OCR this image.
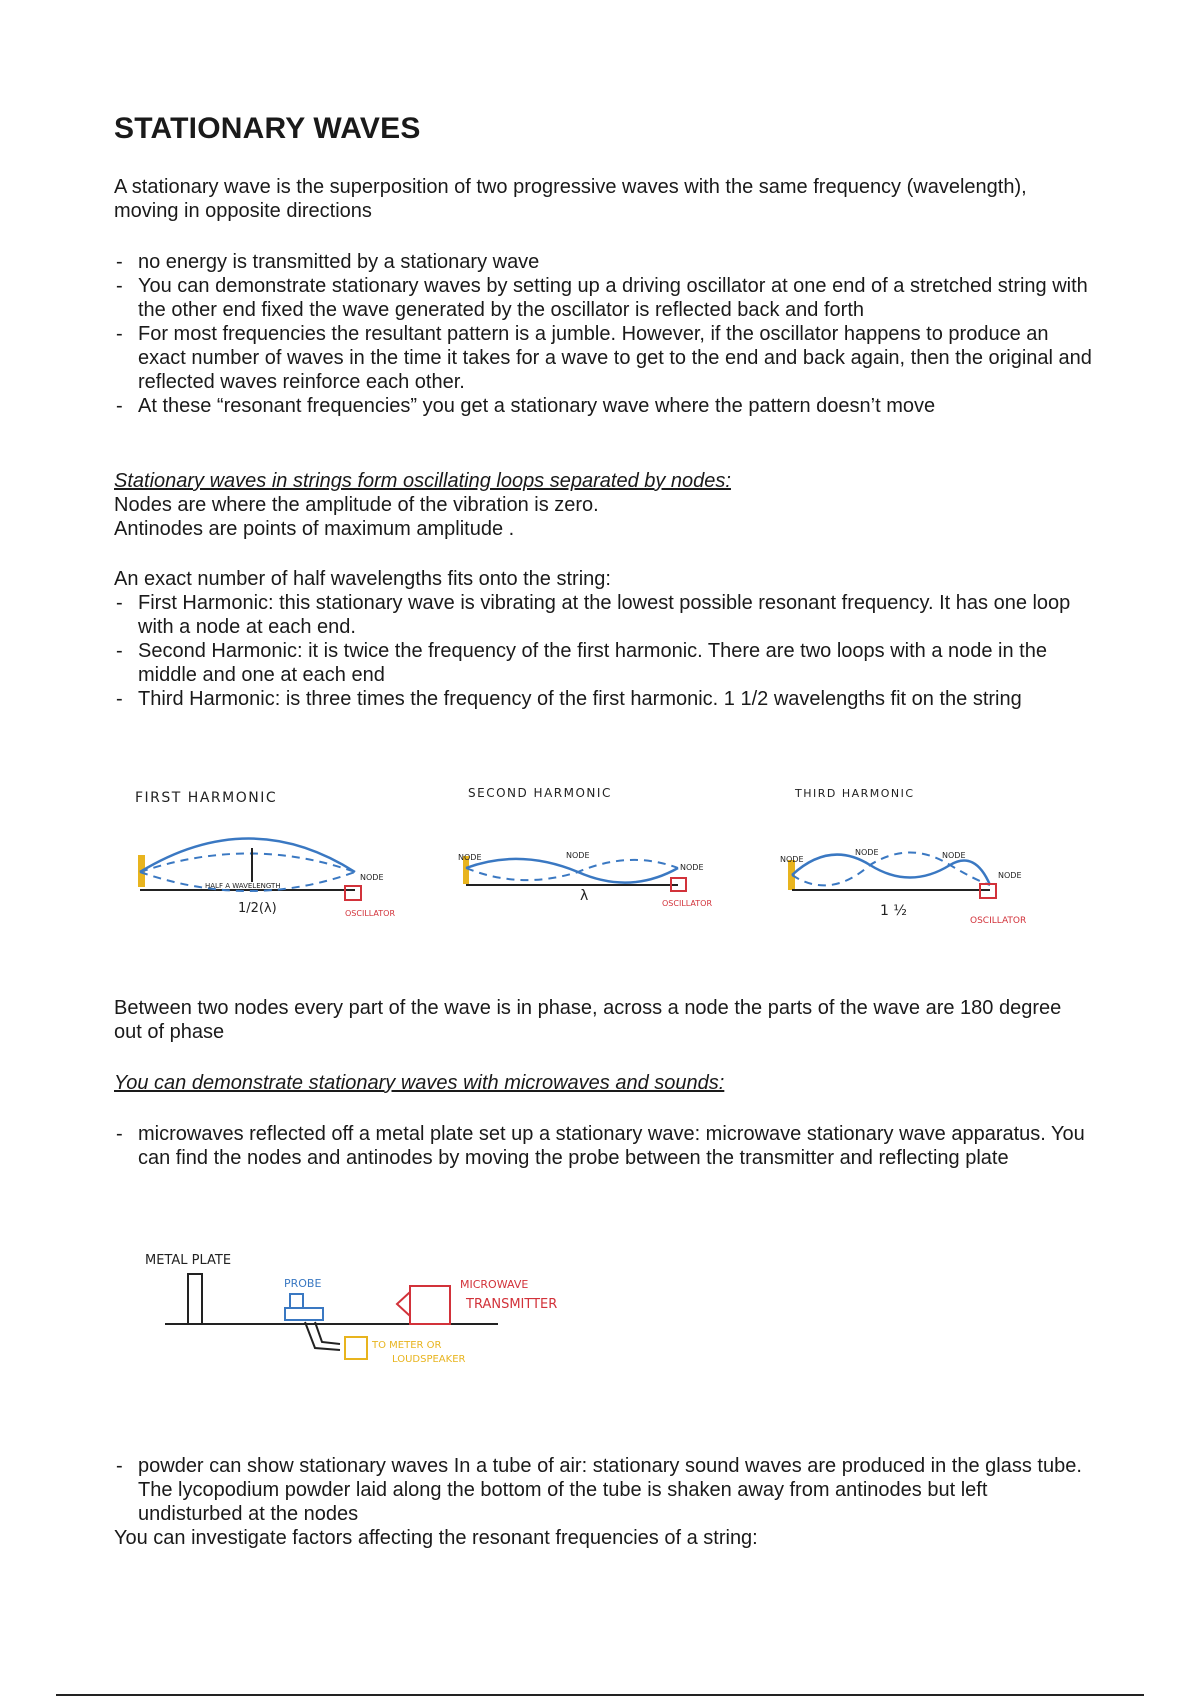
STATIONARY WAVES

A stationary wave is the superposition of two progressive waves with the same frequency (wavelength), moving in opposite directions

- no energy is transmitted by a stationary wave
- You can demonstrate stationary waves by setting up a driving oscillator at one end of a stretched string with the other end fixed the wave generated by the oscillator is reflected back and forth
- For most frequencies the resultant pattern is a jumble. However, if the oscillator happens to produce an exact number of waves in the time it takes for a wave to get to the end and back again, then the original and reflected waves reinforce each other.
- At these “resonant frequencies” you get a stationary wave where the pattern doesn’t move

Stationary waves in strings form oscillating loops separated by nodes:

Nodes are where the amplitude of the vibration is zero.

Antinodes are points of maximum amplitude .

An exact number of half wavelengths fits onto the string:

- First Harmonic: this stationary wave is vibrating at the lowest possible resonant frequency. It has one loop with a node at each end.
- Second Harmonic: it is twice the frequency of the first harmonic. There are two loops with a node in the middle and one at each end
- Third Harmonic: is three times the frequency of the first harmonic. 1 1/2 wavelengths fit on the string

Between two nodes every part of the wave is in phase, across a node the parts of the wave are 180 degree out of phase

You can demonstrate stationary waves with microwaves and sounds:

- microwaves reflected off a metal plate set up a stationary wave: microwave stationary wave apparatus. You can find the nodes and antinodes by moving the probe between the transmitter and reflecting plate
- powder can show stationary waves In a tube of air: stationary sound waves are produced in the glass tube. The lycopodium powder laid along the bottom of the tube is shaken away from antinodes but left undisturbed at the nodes

You can investigate factors affecting the resonant frequencies of a string:

FIRST HARMONIC
HALF A WAVELENGTH
1/2(λ)
NODE
OSCILLATOR
SECOND HARMONIC
NODE	NODE
NODE
λ	OSCILLATOR
THIRD HARMONIC
NODE
NODE	NODE
NODE
1 ½
OSCILLATOR
METAL PLATE
PROBE	MICROWAVE
TRANSMITTER
TO METER OR
LOUDSPEAKER
